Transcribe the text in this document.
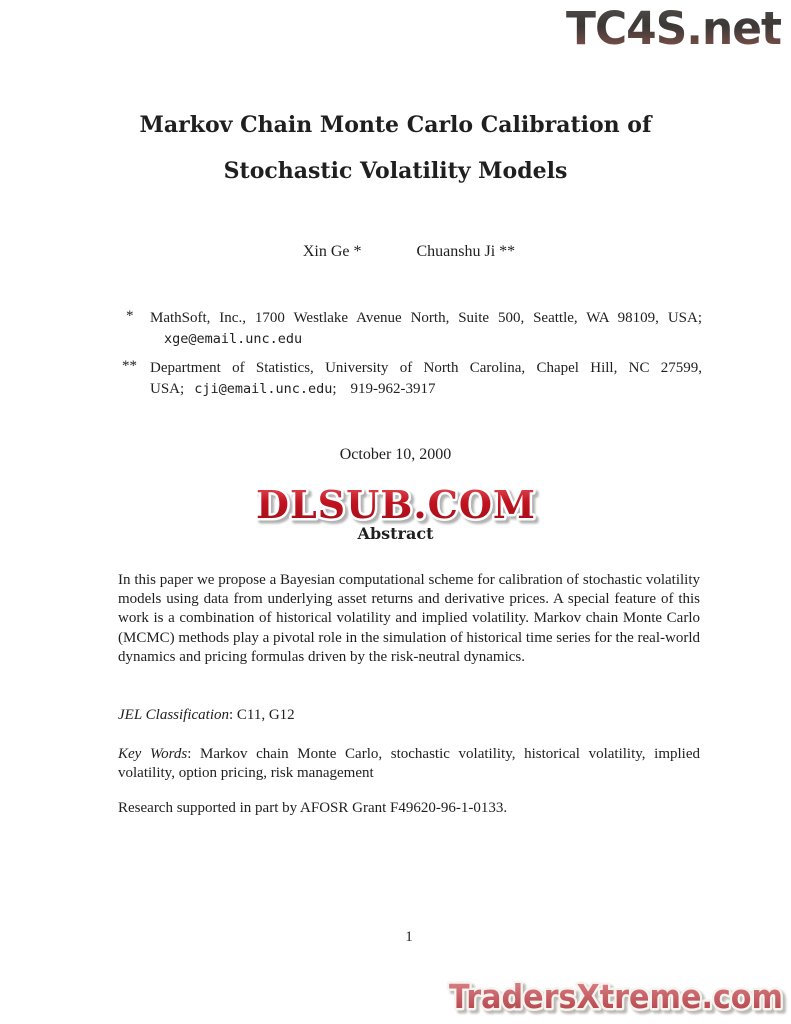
TC4S.net
Markov Chain Monte Carlo Calibration of
Stochastic Volatility Models
Xin Ge *	Chuanshu Ji **
*	MathSoft, Inc., 1700 Westlake Avenue North, Suite 500, Seattle, WA 98109, USA;
xge@email.unc.edu
** Department of Statistics, University of North Carolina, Chapel Hill, NC 27599,
USA; cji@email.unc.edu; 919-962-3917
October 10, 2000
DLSUB.COM
Abstract
In this paper we propose a Bayesian computational scheme for calibration of stochastic volatility models using data from underlying asset returns and derivative prices. A special feature of this work is a combination of historical volatility and implied volatility. Markov chain Monte Carlo (MCMC) methods play a pivotal role in the simulation of historical time series for the real-world dynamics and pricing formulas driven by the risk-neutral dynamics.
JEL Classification: C11, G12
Key Words: Markov chain Monte Carlo, stochastic volatility, historical volatility, implied volatility, option pricing, risk management
Research supported in part by AFOSR Grant F49620-96-1-0133.
1
TradersXtreme.com
